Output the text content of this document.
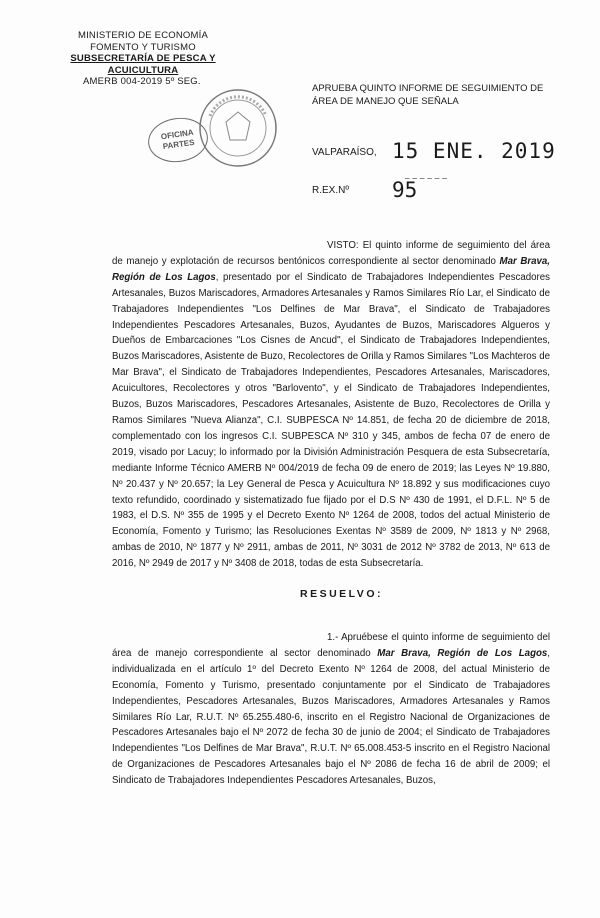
MINISTERIO DE ECONOMÍA
FOMENTO Y TURISMO
SUBSECRETARÍA DE PESCA Y ACUICULTURA
AMERB 004-2019 5º SEG.
OFICINA
PARTES
APRUEBA QUINTO INFORME DE SEGUIMIENTO DE ÁREA DE MANEJO QUE SEÑALA
VALPARAÍSO, 15 ENE. 2019
______
R.EX.Nº 95
VISTO: El quinto informe de seguimiento del área de manejo y explotación de recursos bentónicos correspondiente al sector denominado Mar Brava, Región de Los Lagos, presentado por el Sindicato de Trabajadores Independientes Pescadores Artesanales, Buzos Mariscadores, Armadores Artesanales y Ramos Similares Río Lar, el Sindicato de Trabajadores Independientes "Los Delfines de Mar Brava", el Sindicato de Trabajadores Independientes Pescadores Artesanales, Buzos, Ayudantes de Buzos, Mariscadores Algueros y Dueños de Embarcaciones "Los Cisnes de Ancud", el Sindicato de Trabajadores Independientes, Buzos Mariscadores, Asistente de Buzo, Recolectores de Orilla y Ramos Similares "Los Machteros de Mar Brava", el Sindicato de Trabajadores Independientes, Pescadores Artesanales, Mariscadores, Acuicultores, Recolectores y otros "Barlovento", y el Sindicato de Trabajadores Independientes, Buzos, Buzos Mariscadores, Pescadores Artesanales, Asistente de Buzo, Recolectores de Orilla y Ramos Similares "Nueva Alianza", C.I. SUBPESCA Nº 14.851, de fecha 20 de diciembre de 2018, complementado con los ingresos C.I. SUBPESCA Nº 310 y 345, ambos de fecha 07 de enero de 2019, visado por Lacuy; lo informado por la División Administración Pesquera de esta Subsecretaría, mediante Informe Técnico AMERB Nº 004/2019 de fecha 09 de enero de 2019; las Leyes Nº 19.880, Nº 20.437 y Nº 20.657; la Ley General de Pesca y Acuicultura Nº 18.892 y sus modificaciones cuyo texto refundido, coordinado y sistematizado fue fijado por el D.S Nº 430 de 1991, el D.F.L. Nº 5 de 1983, el D.S. Nº 355 de 1995 y el Decreto Exento Nº 1264 de 2008, todos del actual Ministerio de Economía, Fomento y Turismo; las Resoluciones Exentas Nº 3589 de 2009, Nº 1813 y Nº 2968, ambas de 2010, Nº 1877 y Nº 2911, ambas de 2011, Nº 3031 de 2012 Nº 3782 de 2013, Nº 613 de 2016, Nº 2949 de 2017 y Nº 3408 de 2018, todas de esta Subsecretaría.
RESUELVO:
1.- Apruébese el quinto informe de seguimiento del área de manejo correspondiente al sector denominado Mar Brava, Región de Los Lagos, individualizada en el artículo 1º del Decreto Exento Nº 1264 de 2008, del actual Ministerio de Economía, Fomento y Turismo, presentado conjuntamente por el Sindicato de Trabajadores Independientes, Pescadores Artesanales, Buzos Mariscadores, Armadores Artesanales y Ramos Similares Río Lar, R.U.T. Nº 65.255.480-6, inscrito en el Registro Nacional de Organizaciones de Pescadores Artesanales bajo el Nº 2072 de fecha 30 de junio de 2004; el Sindicato de Trabajadores Independientes "Los Delfines de Mar Brava", R.U.T. Nº 65.008.453-5 inscrito en el Registro Nacional de Organizaciones de Pescadores Artesanales bajo el Nº 2086 de fecha 16 de abril de 2009; el Sindicato de Trabajadores Independientes Pescadores Artesanales, Buzos,
